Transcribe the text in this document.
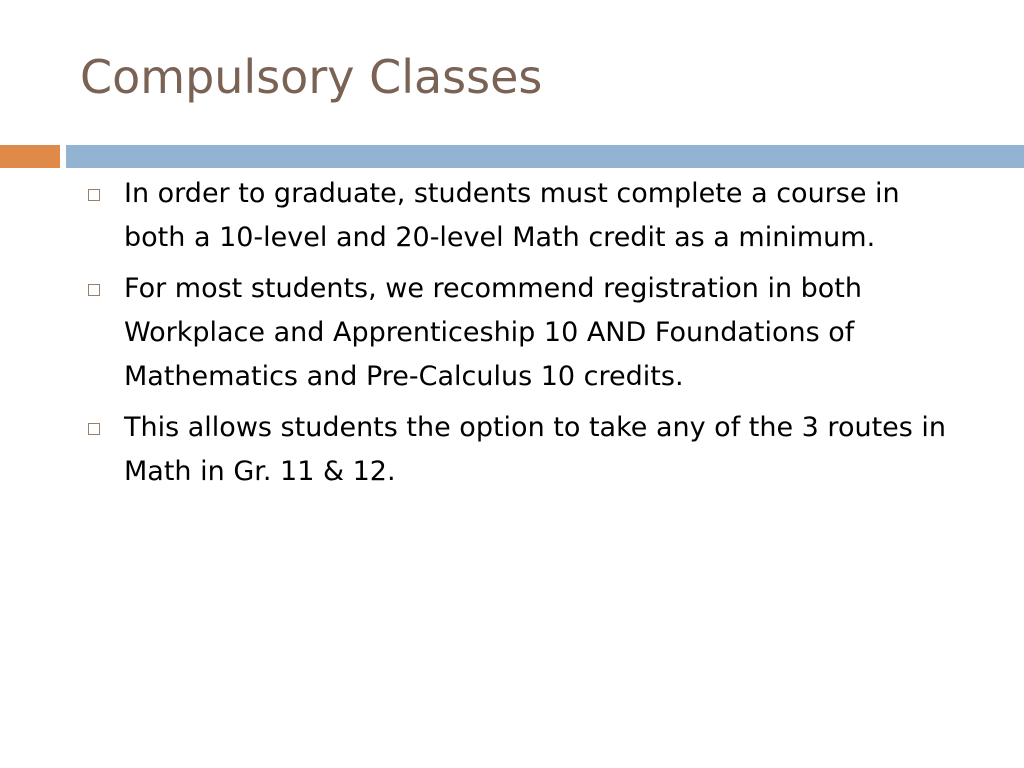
Compulsory Classes
In order to graduate, students must complete a course in both a 10-level and 20-level Math credit as a minimum.
For most students, we recommend registration in both Workplace and Apprenticeship 10 AND Foundations of Mathematics and Pre-Calculus 10 credits.
This allows students the option to take any of the 3 routes in Math in Gr. 11 & 12.
